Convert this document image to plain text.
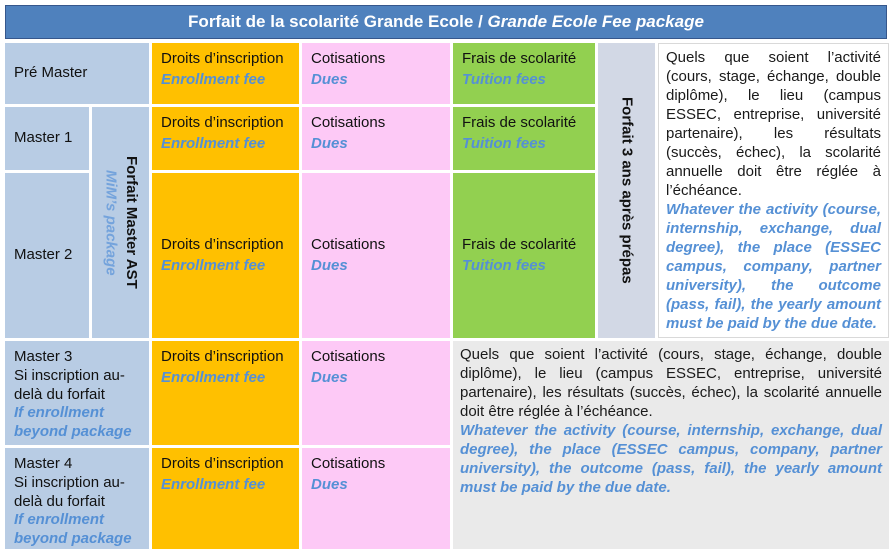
Forfait de la scolarité Grande Ecole / Grande Ecole Fee package
Pré Master
Droits d’inscription
Enrollment fee
Cotisations
Dues
Frais de scolarité
Tuition fees
Master 1
Droits d’inscription
Enrollment fee
Cotisations
Dues
Frais de scolarité
Tuition fees
Forfait Master AST
MiM’s package
Master 2
Droits d’inscription
Enrollment fee
Cotisations
Dues
Frais de scolarité
Tuition fees	Forfait 3 ans après prépas

Quels que soient l’activité (cours, stage, échange, double diplôme), le lieu (campus ESSEC, entreprise, université partenaire), les résultats (succès, échec), la scolarité annuelle doit être réglée à l’échéance.

Whatever the activity (course, internship, exchange, dual degree), the place (ESSEC campus, company, partner university), the outcome (pass, fail), the yearly amount must be paid by the due date.

Master 3
Si inscription au-delà du forfait
If enrollment beyond package
Droits d’inscription
Enrollment fee
Cotisations
Dues
Master 4
Si inscription au-delà du forfait
If enrollment beyond package
Droits d’inscription
Enrollment fee
Cotisations
Dues

Quels que soient l’activité (cours, stage, échange, double diplôme), le lieu (campus ESSEC, entreprise, université partenaire), les résultats (succès, échec), la scolarité annuelle doit être réglée à l’échéance.

Whatever the activity (course, internship, exchange, dual degree), the place (ESSEC campus, company, partner university), the outcome (pass, fail), the yearly amount must be paid by the due date.
